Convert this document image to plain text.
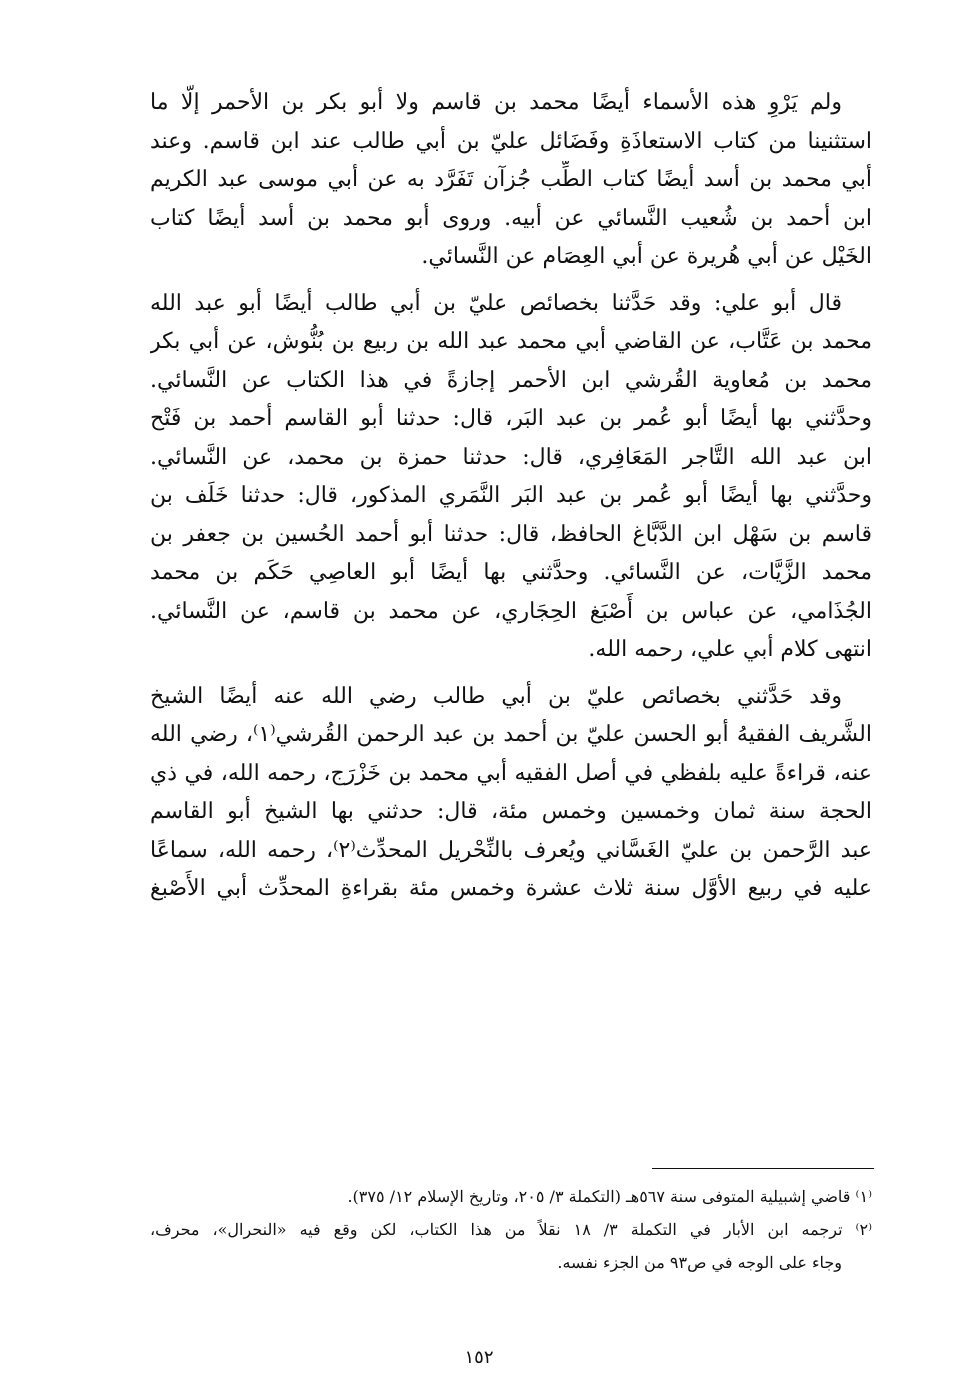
ولم يَرْوِ هذه الأسماء أيضًا محمد بن قاسم ولا أبو بكر بن الأحمر إلّا ما
استثنينا من كتاب الاستعاذَةِ وفَضَائل عليّ بن أبي طالب عند ابن قاسم. وعند
أبي محمد بن أسد أيضًا كتاب الطِّب جُزآن تَفَرَّد به عن أبي موسى عبد الكريم
ابن أحمد بن شُعيب النَّسائي عن أبيه. وروى أبو محمد بن أسد أيضًا كتاب
الخَيْل عن أبي هُريرة عن أبي العِصَام عن النَّسائي.
قال أبو علي: وقد حَدَّثنا بخصائص عليّ بن أبي طالب أيضًا أبو عبد الله
محمد بن عَتَّاب، عن القاضي أبي محمد عبد الله بن ربيع بن بُنُّوش، عن أبي بكر
محمد بن مُعاوية القُرشي ابن الأحمر إجازةً في هذا الكتاب عن النَّسائي.
وحدَّثني بها أيضًا أبو عُمر بن عبد البَر، قال: حدثنا أبو القاسم أحمد بن فَتْح
ابن عبد الله التَّاجر المَعَافِري، قال: حدثنا حمزة بن محمد، عن النَّسائي.
وحدَّثني بها أيضًا أبو عُمر بن عبد البَر النَّمَري المذكور، قال: حدثنا خَلَف بن
قاسم بن سَهْل ابن الدَّبَّاغ الحافظ، قال: حدثنا أبو أحمد الحُسين بن جعفر بن
محمد الزَّيَّات، عن النَّسائي. وحدَّثني بها أيضًا أبو العاصِي حَكَم بن محمد
الجُذَامي، عن عباس بن أَصْبَغ الحِجَاري، عن محمد بن قاسم، عن النَّسائي.
انتهى كلام أبي علي، رحمه الله.
وقد حَدَّثني بخصائص عليّ بن أبي طالب رضي الله عنه أيضًا الشيخ
الشَّريف الفقيهُ أبو الحسن عليّ بن أحمد بن عبد الرحمن القُرشي⁽١⁾، رضي الله
عنه، قراءةً عليه بلفظي في أصل الفقيه أبي محمد بن خَزْرَج، رحمه الله، في ذي
الحجة سنة ثمان وخمسين وخمس مئة، قال: حدثني بها الشيخ أبو القاسم
عبد الرَّحمن بن عليّ الغَسَّاني ويُعرف بالنِّحْريل المحدِّث⁽٢⁾، رحمه الله، سماعًا
عليه في ربيع الأوَّل سنة ثلاث عشرة وخمس مئة بقراءةِ المحدِّث أبي الأَصْبغ
⁽١⁾ قاضي إشبيلية المتوفى سنة ٥٦٧هـ (التكملة ٣/ ٢٠٥، وتاريخ الإسلام ١٢/ ٣٧٥).
⁽٢⁾ ترجمه ابن الأبار في التكملة ٣/ ١٨ نقلاً من هذا الكتاب، لكن وقع فيه «النحرال»، محرف،
وجاء على الوجه في ص٩٣ من الجزء نفسه.
١٥٢
